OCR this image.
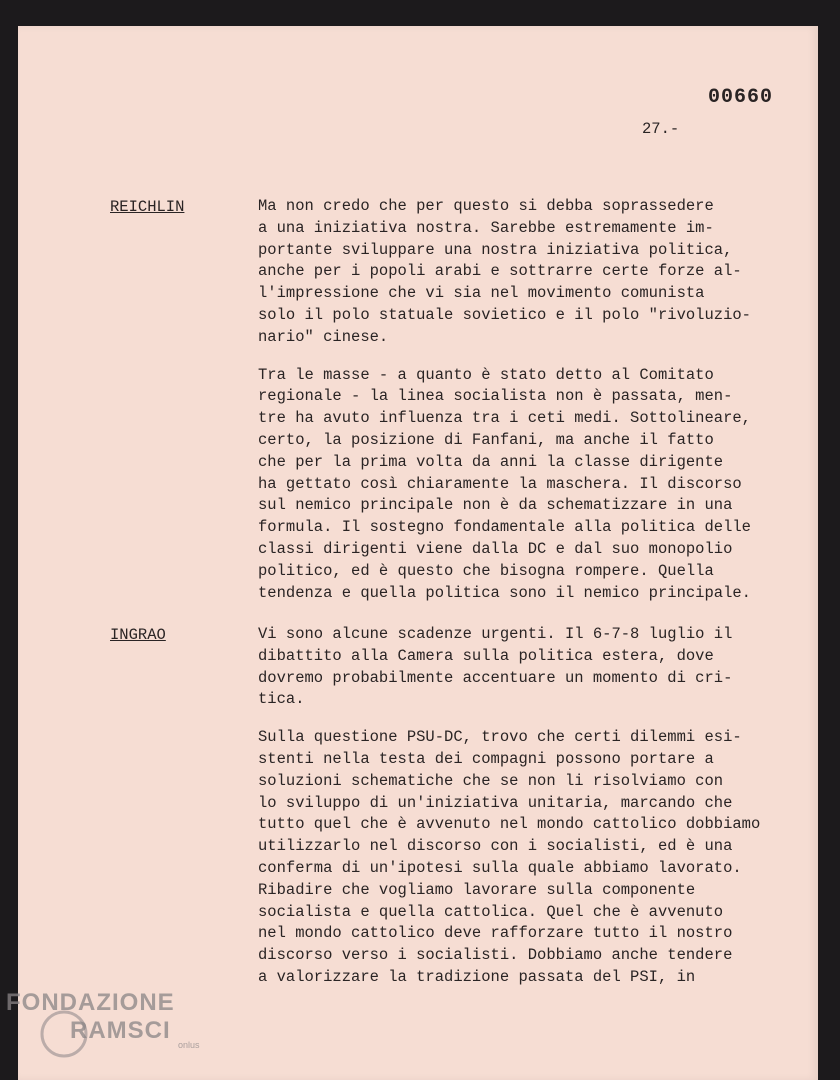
00660
27.-
REICHLIN	Ma non credo che per questo si debba soprassedere
a una iniziativa nostra. Sarebbe estremamente im-
portante sviluppare una nostra iniziativa politica,
anche per i popoli arabi e sottrarre certe forze al-
l'impressione che vi sia nel movimento comunista
solo il polo statuale sovietico e il polo "rivoluzio-
nario" cinese.
Tra le masse - a quanto è stato detto al Comitato
regionale - la linea socialista non è passata, men-
tre ha avuto influenza tra i ceti medi. Sottolineare,
certo, la posizione di Fanfani, ma anche il fatto
che per la prima volta da anni la classe dirigente
ha gettato così chiaramente la maschera. Il discorso
sul nemico principale non è da schematizzare in una
formula. Il sostegno fondamentale alla politica delle
classi dirigenti viene dalla DC e dal suo monopolio
politico, ed è questo che bisogna rompere. Quella
tendenza e quella politica sono il nemico principale.
INGRAO	Vi sono alcune scadenze urgenti. Il 6-7-8 luglio il
dibattito alla Camera sulla politica estera, dove
dovremo probabilmente accentuare un momento di cri-
tica.
Sulla questione PSU-DC, trovo che certi dilemmi esi-
stenti nella testa dei compagni possono portare a
soluzioni schematiche che se non li risolviamo con
lo sviluppo di un'iniziativa unitaria, marcando che
tutto quel che è avvenuto nel mondo cattolico dobbiamo
utilizzarlo nel discorso con i socialisti, ed è una
conferma di un'ipotesi sulla quale abbiamo lavorato.
Ribadire che vogliamo lavorare sulla componente
socialista e quella cattolica. Quel che è avvenuto
nel mondo cattolico deve rafforzare tutto il nostro
discorso verso i socialisti. Dobbiamo anche tendere
a valorizzare la tradizione passata del PSI, in
FONDAZIONE
RAMSCI
onlus
